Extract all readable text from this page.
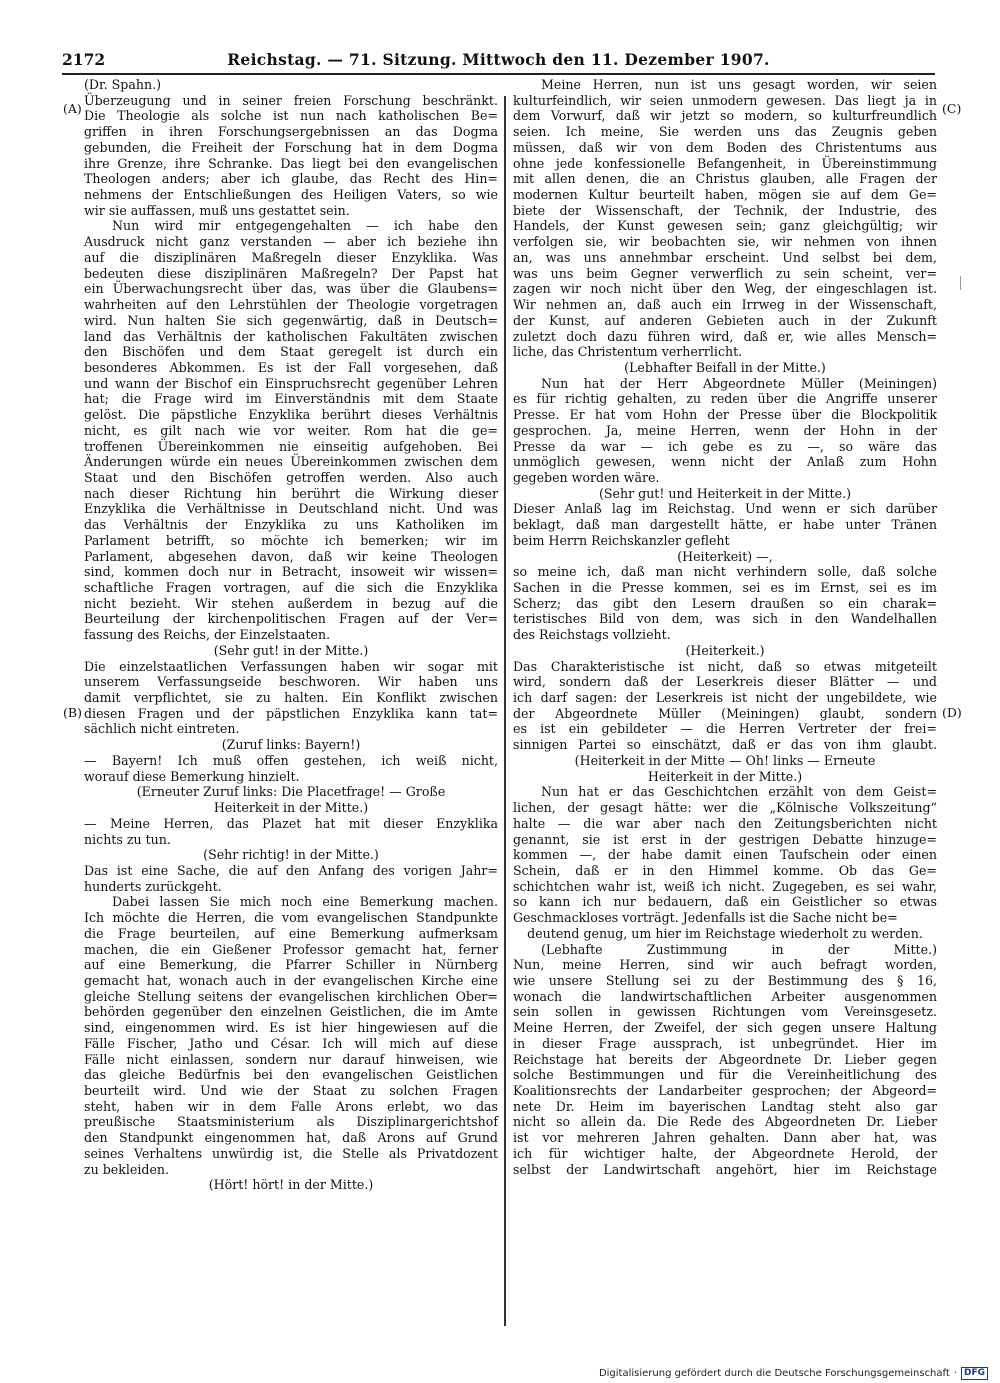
2172	Reichstag. — 71. Sitzung. Mittwoch den 11. Dezember 1907.
(A)
(B)
(C)
(D)
(Dr. Spahn.)
Überzeugung und in seiner freien Forschung beschränkt.
Die Theologie als solche ist nun nach katholischen Be=
griffen in ihren Forschungsergebnissen an das Dogma
gebunden, die Freiheit der Forschung hat in dem Dogma
ihre Grenze, ihre Schranke. Das liegt bei den evangelischen
Theologen anders; aber ich glaube, das Recht des Hin=
nehmens der Entschließungen des Heiligen Vaters, so wie
wir sie auffassen, muß uns gestattet sein.
Nun wird mir entgegengehalten — ich habe den
Ausdruck nicht ganz verstanden — aber ich beziehe ihn
auf die disziplinären Maßregeln dieser Enzyklika. Was
bedeuten diese disziplinären Maßregeln? Der Papst hat
ein Überwachungsrecht über das, was über die Glaubens=
wahrheiten auf den Lehrstühlen der Theologie vorgetragen
wird. Nun halten Sie sich gegenwärtig, daß in Deutsch=
land das Verhältnis der katholischen Fakultäten zwischen
den Bischöfen und dem Staat geregelt ist durch ein
besonderes Abkommen. Es ist der Fall vorgesehen, daß
und wann der Bischof ein Einspruchsrecht gegenüber Lehren
hat; die Frage wird im Einverständnis mit dem Staate
gelöst. Die päpstliche Enzyklika berührt dieses Verhältnis
nicht, es gilt nach wie vor weiter. Rom hat die ge=
troffenen Übereinkommen nie einseitig aufgehoben. Bei
Änderungen würde ein neues Übereinkommen zwischen dem
Staat und den Bischöfen getroffen werden. Also auch
nach dieser Richtung hin berührt die Wirkung dieser
Enzyklika die Verhältnisse in Deutschland nicht. Und was
das Verhältnis der Enzyklika zu uns Katholiken im
Parlament betrifft, so möchte ich bemerken; wir im
Parlament, abgesehen davon, daß wir keine Theologen
sind, kommen doch nur in Betracht, insoweit wir wissen=
schaftliche Fragen vortragen, auf die sich die Enzyklika
nicht bezieht. Wir stehen außerdem in bezug auf die
Beurteilung der kirchenpolitischen Fragen auf der Ver=
fassung des Reichs, der Einzelstaaten.
(Sehr gut! in der Mitte.)
Die einzelstaatlichen Verfassungen haben wir sogar mit
unserem Verfassungseide beschworen. Wir haben uns
damit verpflichtet, sie zu halten. Ein Konflikt zwischen
diesen Fragen und der päpstlichen Enzyklika kann tat=
sächlich nicht eintreten.
(Zuruf links: Bayern!)
— Bayern! Ich muß offen gestehen, ich weiß nicht,
worauf diese Bemerkung hinzielt.
(Erneuter Zuruf links: Die Placetfrage! — Große
Heiterkeit in der Mitte.)
— Meine Herren, das Plazet hat mit dieser Enzyklika
nichts zu tun.
(Sehr richtig! in der Mitte.)
Das ist eine Sache, die auf den Anfang des vorigen Jahr=
hunderts zurückgeht.
Dabei lassen Sie mich noch eine Bemerkung machen.
Ich möchte die Herren, die vom evangelischen Standpunkte
die Frage beurteilen, auf eine Bemerkung aufmerksam
machen, die ein Gießener Professor gemacht hat, ferner
auf eine Bemerkung, die Pfarrer Schiller in Nürnberg
gemacht hat, wonach auch in der evangelischen Kirche eine
gleiche Stellung seitens der evangelischen kirchlichen Ober=
behörden gegenüber den einzelnen Geistlichen, die im Amte
sind, eingenommen wird. Es ist hier hingewiesen auf die
Fälle Fischer, Jatho und César. Ich will mich auf diese
Fälle nicht einlassen, sondern nur darauf hinweisen, wie
das gleiche Bedürfnis bei den evangelischen Geistlichen
beurteilt wird. Und wie der Staat zu solchen Fragen
steht, haben wir in dem Falle Arons erlebt, wo das
preußische Staatsministerium als Disziplinargerichtshof
den Standpunkt eingenommen hat, daß Arons auf Grund
seines Verhaltens unwürdig ist, die Stelle als Privatdozent
zu bekleiden.
(Hört! hört! in der Mitte.)
Meine Herren, nun ist uns gesagt worden, wir seien
kulturfeindlich, wir seien unmodern gewesen. Das liegt ja in
dem Vorwurf, daß wir jetzt so modern, so kulturfreundlich
seien. Ich meine, Sie werden uns das Zeugnis geben
müssen, daß wir von dem Boden des Christentums aus
ohne jede konfessionelle Befangenheit, in Übereinstimmung
mit allen denen, die an Christus glauben, alle Fragen der
modernen Kultur beurteilt haben, mögen sie auf dem Ge=
biete der Wissenschaft, der Technik, der Industrie, des
Handels, der Kunst gewesen sein; ganz gleichgültig; wir
verfolgen sie, wir beobachten sie, wir nehmen von ihnen
an, was uns annehmbar erscheint. Und selbst bei dem,
was uns beim Gegner verwerflich zu sein scheint, ver=
zagen wir noch nicht über den Weg, der eingeschlagen ist.
Wir nehmen an, daß auch ein Irrweg in der Wissenschaft,
der Kunst, auf anderen Gebieten auch in der Zukunft
zuletzt doch dazu führen wird, daß er, wie alles Mensch=
liche, das Christentum verherrlicht.
(Lebhafter Beifall in der Mitte.)
Nun hat der Herr Abgeordnete Müller (Meiningen)
es für richtig gehalten, zu reden über die Angriffe unserer
Presse. Er hat vom Hohn der Presse über die Blockpolitik
gesprochen. Ja, meine Herren, wenn der Hohn in der
Presse da war — ich gebe es zu —, so wäre das
unmöglich gewesen, wenn nicht der Anlaß zum Hohn
gegeben worden wäre.
(Sehr gut! und Heiterkeit in der Mitte.)
Dieser Anlaß lag im Reichstag. Und wenn er sich darüber
beklagt, daß man dargestellt hätte, er habe unter Tränen
beim Herrn Reichskanzler gefleht
(Heiterkeit) —,
so meine ich, daß man nicht verhindern solle, daß solche
Sachen in die Presse kommen, sei es im Ernst, sei es im
Scherz; das gibt den Lesern draußen so ein charak=
teristisches Bild von dem, was sich in den Wandelhallen
des Reichstags vollzieht.
(Heiterkeit.)
Das Charakteristische ist nicht, daß so etwas mitgeteilt
wird, sondern daß der Leserkreis dieser Blätter — und
ich darf sagen: der Leserkreis ist nicht der ungebildete, wie
der Abgeordnete Müller (Meiningen) glaubt, sondern
es ist ein gebildeter — die Herren Vertreter der frei=
sinnigen Partei so einschätzt, daß er das von ihm glaubt.
(Heiterkeit in der Mitte — Oh! links — Erneute
Heiterkeit in der Mitte.)
Nun hat er das Geschichtchen erzählt von dem Geist=
lichen, der gesagt hätte: wer die „Kölnische Volkszeitung“
halte — die war aber nach den Zeitungsberichten nicht
genannt, sie ist erst in der gestrigen Debatte hinzuge=
kommen —, der habe damit einen Taufschein oder einen
Schein, daß er in den Himmel komme. Ob das Ge=
schichtchen wahr ist, weiß ich nicht. Zugegeben, es sei wahr,
so kann ich nur bedauern, daß ein Geistlicher so etwas
Geschmackloses vorträgt. Jedenfalls ist die Sache nicht be=
deutend genug, um hier im Reichstage wiederholt zu werden.
(Lebhafte Zustimmung in der Mitte.)
Nun, meine Herren, sind wir auch befragt worden,
wie unsere Stellung sei zu der Bestimmung des § 16,
wonach die landwirtschaftlichen Arbeiter ausgenommen
sein sollen in gewissen Richtungen vom Vereinsgesetz.
Meine Herren, der Zweifel, der sich gegen unsere Haltung
in dieser Frage aussprach, ist unbegründet. Hier im
Reichstage hat bereits der Abgeordnete Dr. Lieber gegen
solche Bestimmungen und für die Vereinheitlichung des
Koalitionsrechts der Landarbeiter gesprochen; der Abgeord=
nete Dr. Heim im bayerischen Landtag steht also gar
nicht so allein da. Die Rede des Abgeordneten Dr. Lieber
ist vor mehreren Jahren gehalten. Dann aber hat, was
ich für wichtiger halte, der Abgeordnete Herold, der
selbst der Landwirtschaft angehört, hier im Reichstage
Digitalisierung gefördert durch die Deutsche Forschungsgemeinschaft · DFG
